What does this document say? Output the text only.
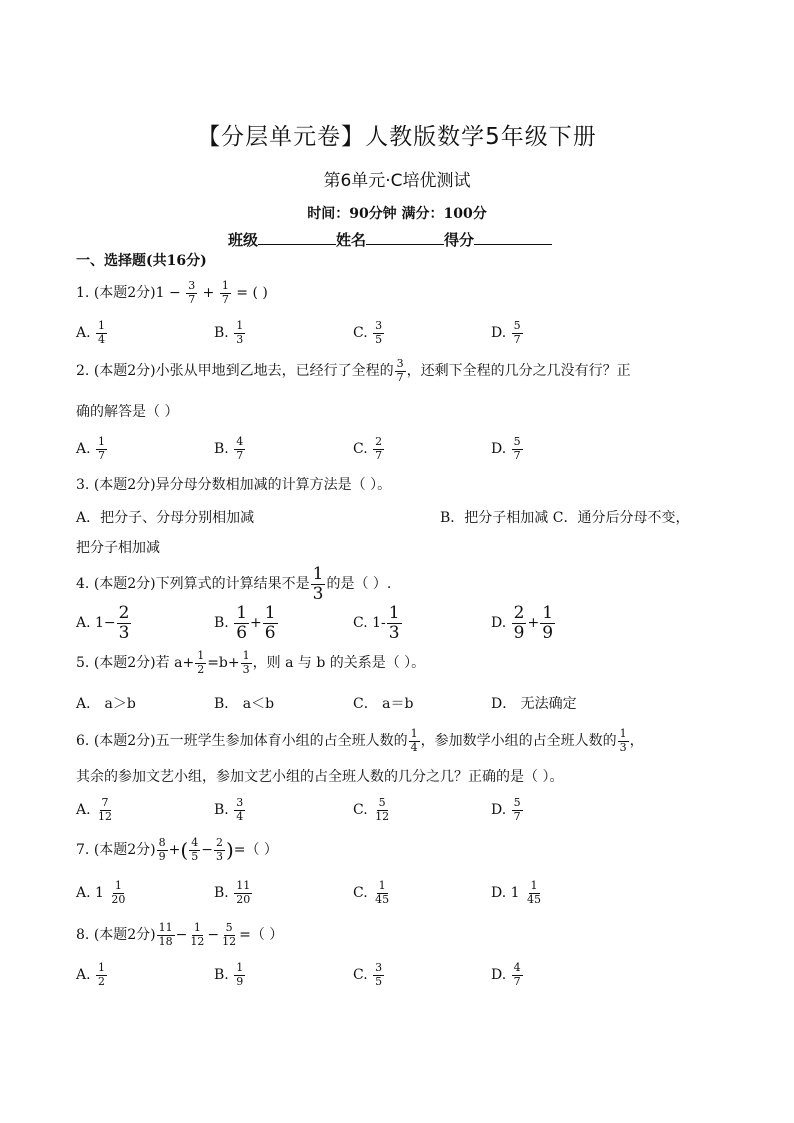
【分层单元卷】人教版数学5年级下册
第6单元·C培优测试
时间：90分钟 满分：100分
班级	姓名	得分
一、选择题(共16分)
1. (本题2分)$1 - \frac{3}{7} + \frac{1}{7}$ = ( )
A. $\frac{1}{4}$	B. $\frac{1}{3}$	C. $\frac{3}{5}$	D. $\frac{5}{7}$
2. (本题2分)小张从甲地到乙地去，已经行了全程的 $\frac{3}{7}$ ，还剩下全程的几分之几没有行？正
确的解答是（ ）
A. $\frac{1}{7}$	B. $\frac{4}{7}$	C. $\frac{2}{7}$	D. $\frac{5}{7}$
3. (本题2分)异分母分数相加减的计算方法是（ ）。
A．把分子、分母分别相加减	B．把分子相加减 C．通分后分母不变，
把分子相加减
4. (本题2分)下列算式的计算结果不是 $\frac{1}{3}$ 的是（ ）.
A. $1- \frac{2}{3}$	B. $\frac{1}{6} + \frac{1}{6}$	C. $1- \frac{1}{3}$	D. $\frac{2}{9} + \frac{1}{9}$
5. (本题2分)若 $a+ \frac{1}{2} =b+ \frac{1}{3}$ ，则 a 与 b 的关系是（ ）。
A． a＞b	B． a＜b	C． a＝b	D． 无法确定
6. (本题2分)五一班学生参加体育小组的占全班人数的 $\frac{1}{4}$ ，参加数学小组的占全班人数的 $\frac{1}{3}$ ，
其余的参加文艺小组，参加文艺小组的占全班人数的几分之几？正确的是（ ）。
A. $\frac{7}{12}$	B. $\frac{3}{4}$	C. $\frac{5}{12}$	D. $\frac{5}{7}$
7. (本题2分) $\frac{8}{9}$ +( $\frac{4}{5} - \frac{2}{3}$ )=（ ）
A. $1 \frac{1}{20}$	B. $\frac{11}{20}$	C. $\frac{1}{45}$	D. $1 \frac{1}{45}$
8. (本题2分) $\frac{11}{18} - \frac{1}{12} - \frac{5}{12}$ =（ ）
A. $\frac{1}{2}$	B. $\frac{1}{9}$	C. $\frac{3}{5}$	D. $\frac{4}{7}$
